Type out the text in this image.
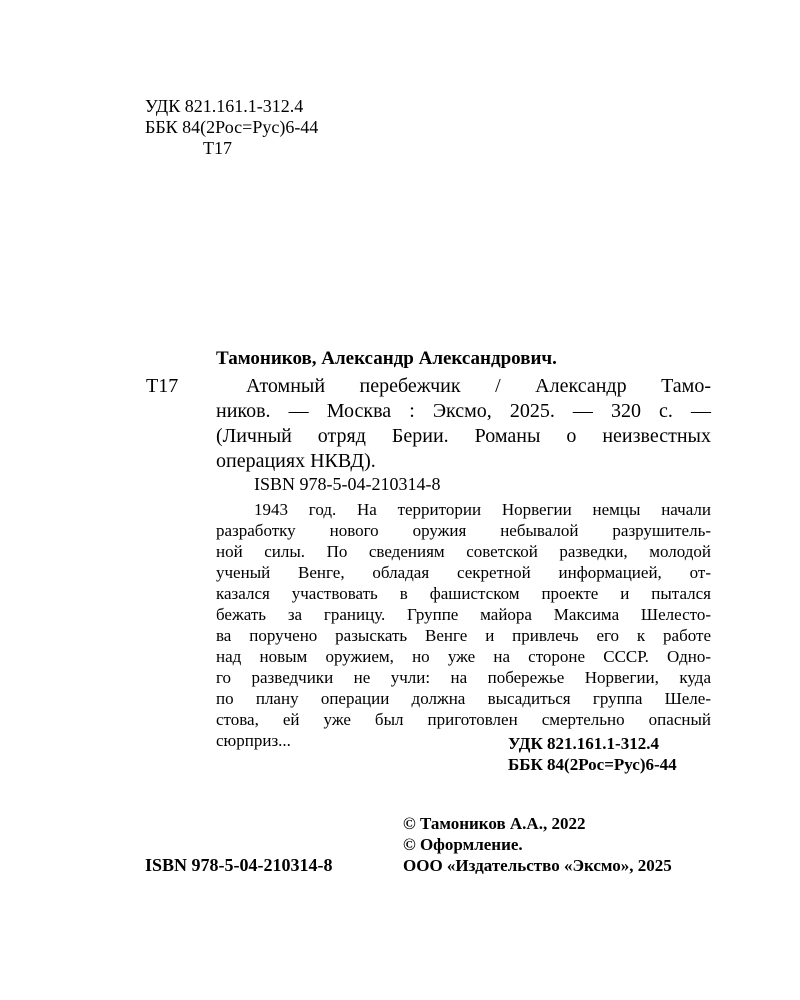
УДК 821.161.1-312.4
ББК 84(2Рос=Рус)6-44
Т17
Тамоников, Александр Александрович.
Т17	Атомный перебежчик / Александр Тамо-
ников. — Москва : Эксмо, 2025. — 320 с. —
(Личный отряд Берии. Романы о неизвестных
операциях НКВД).
ISBN 978-5-04-210314-8
1943 год. На территории Норвегии немцы начали
разработку нового оружия небывалой разрушитель-
ной силы. По сведениям советской разведки, молодой
ученый Венге, обладая секретной информацией, от-
казался участвовать в фашистском проекте и пытался
бежать за границу. Группе майора Максима Шелесто-
ва поручено разыскать Венге и привлечь его к работе
над новым оружием, но уже на стороне СССР. Одно-
го разведчики не учли: на побережье Норвегии, куда
по плану операции должна высадиться группа Шеле-
стова, ей уже был приготовлен смертельно опасный
сюрприз...	УДК 821.161.1-312.4
ББК 84(2Рос=Рус)6-44
© Тамоников А.А., 2022
© Оформление.
ООО «Издательство «Эксмо», 2025
ISBN 978-5-04-210314-8
